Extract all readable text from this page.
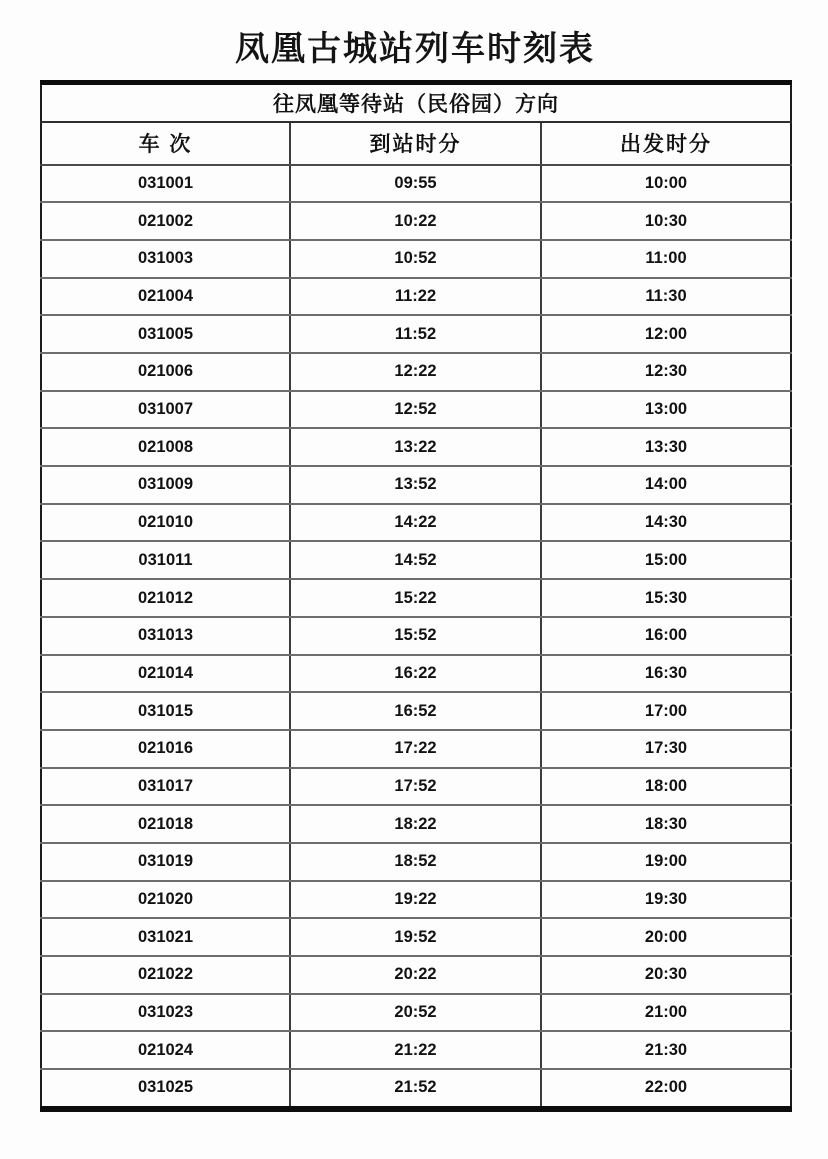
凤凰古城站列车时刻表
往凤凰等待站（民俗园）方向		
车 次	到站时分	出发时分
031001	09:55	10:00
021002	10:22	10:30
031003	10:52	11:00
021004	11:22	11:30
031005	11:52	12:00
021006	12:22	12:30
031007	12:52	13:00
021008	13:22	13:30
031009	13:52	14:00
021010	14:22	14:30
031011	14:52	15:00
021012	15:22	15:30
031013	15:52	16:00
021014	16:22	16:30
031015	16:52	17:00
021016	17:22	17:30
031017	17:52	18:00
021018	18:22	18:30
031019	18:52	19:00
021020	19:22	19:30
031021	19:52	20:00
021022	20:22	20:30
031023	20:52	21:00
021024	21:22	21:30
031025	21:52	22:00
